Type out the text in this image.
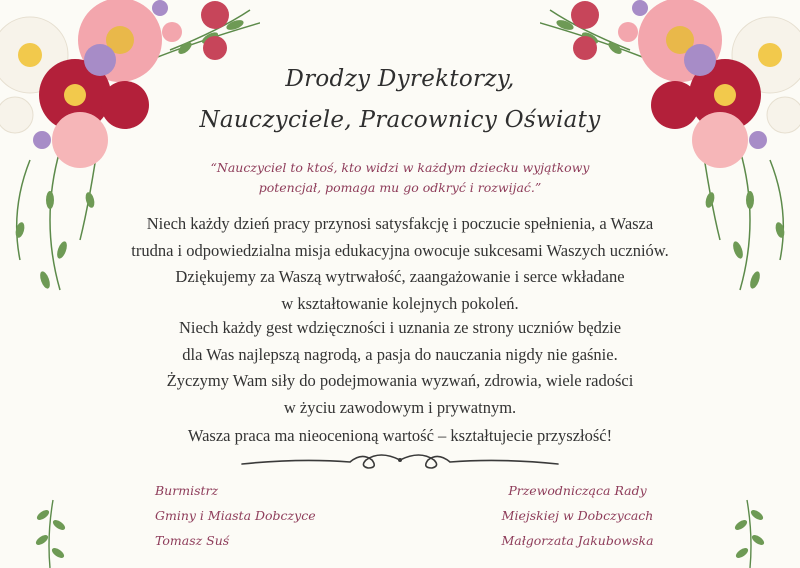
Drodzy Dyrektorzy,
Nauczyciele, Pracownicy Oświaty
“Nauczyciel to ktoś, kto widzi w każdym dziecku wyjątkowy
potencjał, pomaga mu go odkryć i rozwijać.”
Niech każdy dzień pracy przynosi satysfakcję i poczucie spełnienia, a Wasza
trudna i odpowiedzialna misja edukacyjna owocuje sukcesami Waszych uczniów.
Dziękujemy za Waszą wytrwałość, zaangażowanie i serce wkładane
w kształtowanie kolejnych pokoleń.
Niech każdy gest wdzięczności i uznania ze strony uczniów będzie
dla Was najlepszą nagrodą, a pasja do nauczania nigdy nie gaśnie.
Życzymy Wam siły do podejmowania wyzwań, zdrowia, wiele radości
w życiu zawodowym i prywatnym.
Wasza praca ma nieocenioną wartość – kształtujecie przyszłość!
Burmistrz
Gminy i Miasta Dobczyce
Tomasz Suś
Przewodnicząca Rady
Miejskiej w Dobczycach
Małgorzata Jakubowska
